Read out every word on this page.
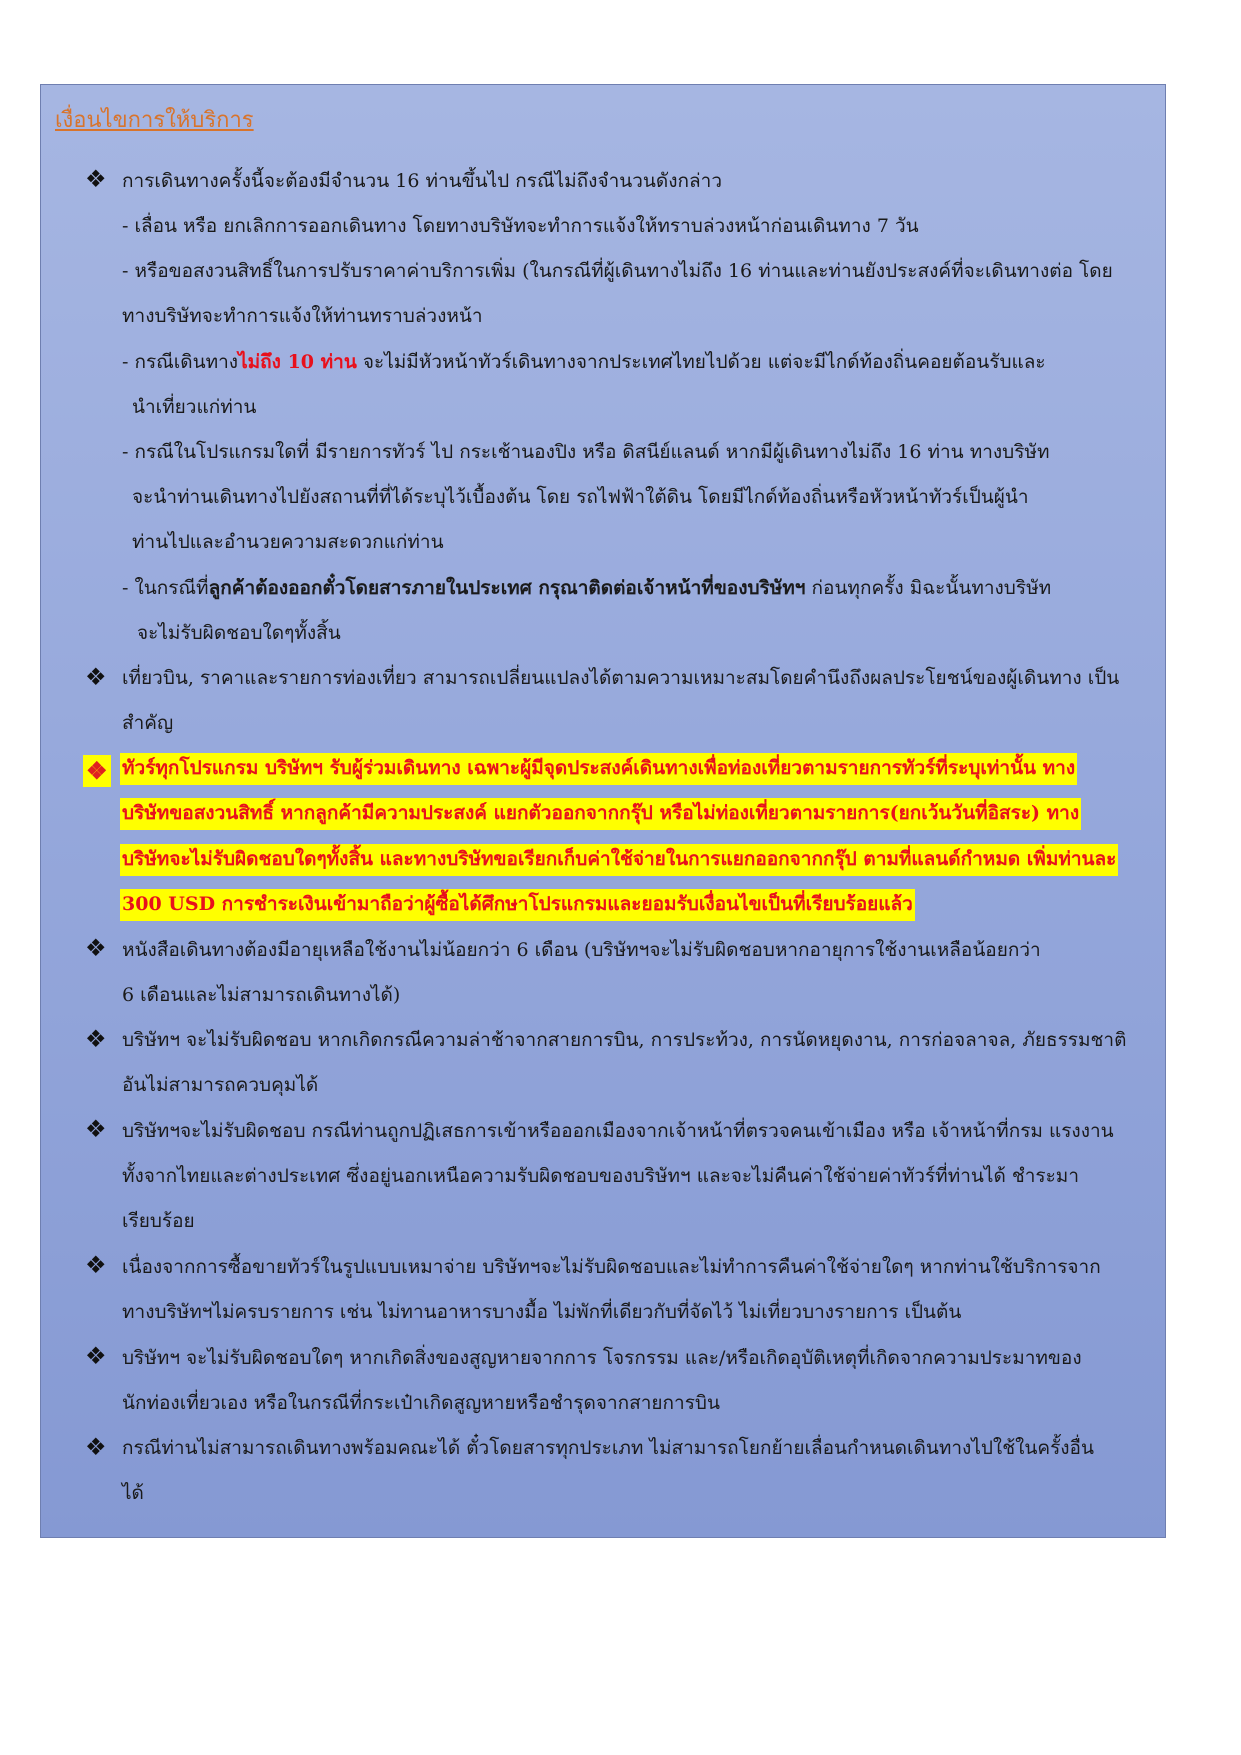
เงื่อนไขการให้บริการ
❖ การเดินทางครั้งนี้จะต้องมีจำนวน 16 ท่านขึ้นไป กรณีไม่ถึงจำนวนดังกล่าว
- เลื่อน หรือ ยกเลิกการออกเดินทาง โดยทางบริษัทจะทำการแจ้งให้ทราบล่วงหน้าก่อนเดินทาง 7 วัน
- หรือขอสงวนสิทธิ์ในการปรับราคาค่าบริการเพิ่ม (ในกรณีที่ผู้เดินทางไม่ถึง 16 ท่านและท่านยังประสงค์ที่จะเดินทางต่อ โดย
ทางบริษัทจะทำการแจ้งให้ท่านทราบล่วงหน้า
- กรณีเดินทางไม่ถึง 10 ท่าน จะไม่มีหัวหน้าทัวร์เดินทางจากประเทศไทยไปด้วย แต่จะมีไกด์ท้องถิ่นคอยต้อนรับและ
นำเที่ยวแก่ท่าน
- กรณีในโปรแกรมใดที่ มีรายการทัวร์ ไป กระเช้านองปิง หรือ ดิสนีย์แลนด์ หากมีผู้เดินทางไม่ถึง 16 ท่าน ทางบริษัท
จะนำท่านเดินทางไปยังสถานที่ที่ได้ระบุไว้เบื้องต้น โดย รถไฟฟ้าใต้ดิน โดยมีไกด์ท้องถิ่นหรือหัวหน้าทัวร์เป็นผู้นำ
ท่านไปและอำนวยความสะดวกแก่ท่าน
- ในกรณีที่ลูกค้าต้องออกตั๋วโดยสารภายในประเทศ กรุณาติดต่อเจ้าหน้าที่ของบริษัทฯ ก่อนทุกครั้ง มิฉะนั้นทางบริษัท
จะไม่รับผิดชอบใดๆทั้งสิ้น
❖ เที่ยวบิน, ราคาและรายการท่องเที่ยว สามารถเปลี่ยนแปลงได้ตามความเหมาะสมโดยคำนึงถึงผลประโยชน์ของผู้เดินทาง เป็น
สำคัญ
❖ ทัวร์ทุกโปรแกรม บริษัทฯ รับผู้ร่วมเดินทาง เฉพาะผู้มีจุดประสงค์เดินทางเพื่อท่องเที่ยวตามรายการทัวร์ที่ระบุเท่านั้น ทาง
บริษัทขอสงวนสิทธิ์ หากลูกค้ามีความประสงค์ แยกตัวออกจากกรุ๊ป หรือไม่ท่องเที่ยวตามรายการ(ยกเว้นวันที่อิสระ) ทาง
บริษัทจะไม่รับผิดชอบใดๆทั้งสิ้น และทางบริษัทขอเรียกเก็บค่าใช้จ่ายในการแยกออกจากกรุ๊ป ตามที่แลนด์กำหมด เพิ่มท่านละ
300 USD การชำระเงินเข้ามาถือว่าผู้ซื้อได้ศึกษาโปรแกรมและยอมรับเงื่อนไขเป็นที่เรียบร้อยแล้ว
❖ หนังสือเดินทางต้องมีอายุเหลือใช้งานไม่น้อยกว่า 6 เดือน (บริษัทฯจะไม่รับผิดชอบหากอายุการใช้งานเหลือน้อยกว่า
6 เดือนและไม่สามารถเดินทางได้)
❖ บริษัทฯ จะไม่รับผิดชอบ หากเกิดกรณีความล่าช้าจากสายการบิน, การประท้วง, การนัดหยุดงาน, การก่อจลาจล, ภัยธรรมชาติ
อันไม่สามารถควบคุมได้
❖ บริษัทฯจะไม่รับผิดชอบ กรณีท่านถูกปฏิเสธการเข้าหรือออกเมืองจากเจ้าหน้าที่ตรวจคนเข้าเมือง หรือ เจ้าหน้าที่กรม แรงงาน
ทั้งจากไทยและต่างประเทศ ซึ่งอยู่นอกเหนือความรับผิดชอบของบริษัทฯ และจะไม่คืนค่าใช้จ่ายค่าทัวร์ที่ท่านได้ ชำระมา
เรียบร้อย
❖ เนื่องจากการซื้อขายทัวร์ในรูปแบบเหมาจ่าย บริษัทฯจะไม่รับผิดชอบและไม่ทำการคืนค่าใช้จ่ายใดๆ หากท่านใช้บริการจาก
ทางบริษัทฯไม่ครบรายการ เช่น ไม่ทานอาหารบางมื้อ ไม่พักที่เดียวกับที่จัดไว้ ไม่เที่ยวบางรายการ เป็นต้น
❖ บริษัทฯ จะไม่รับผิดชอบใดๆ หากเกิดสิ่งของสูญหายจากการ โจรกรรม และ/หรือเกิดอุบัติเหตุที่เกิดจากความประมาทของ
นักท่องเที่ยวเอง หรือในกรณีที่กระเป๋าเกิดสูญหายหรือชำรุดจากสายการบิน
❖ กรณีท่านไม่สามารถเดินทางพร้อมคณะได้ ตั๋วโดยสารทุกประเภท ไม่สามารถโยกย้ายเลื่อนกำหนดเดินทางไปใช้ในครั้งอื่น
ได้
